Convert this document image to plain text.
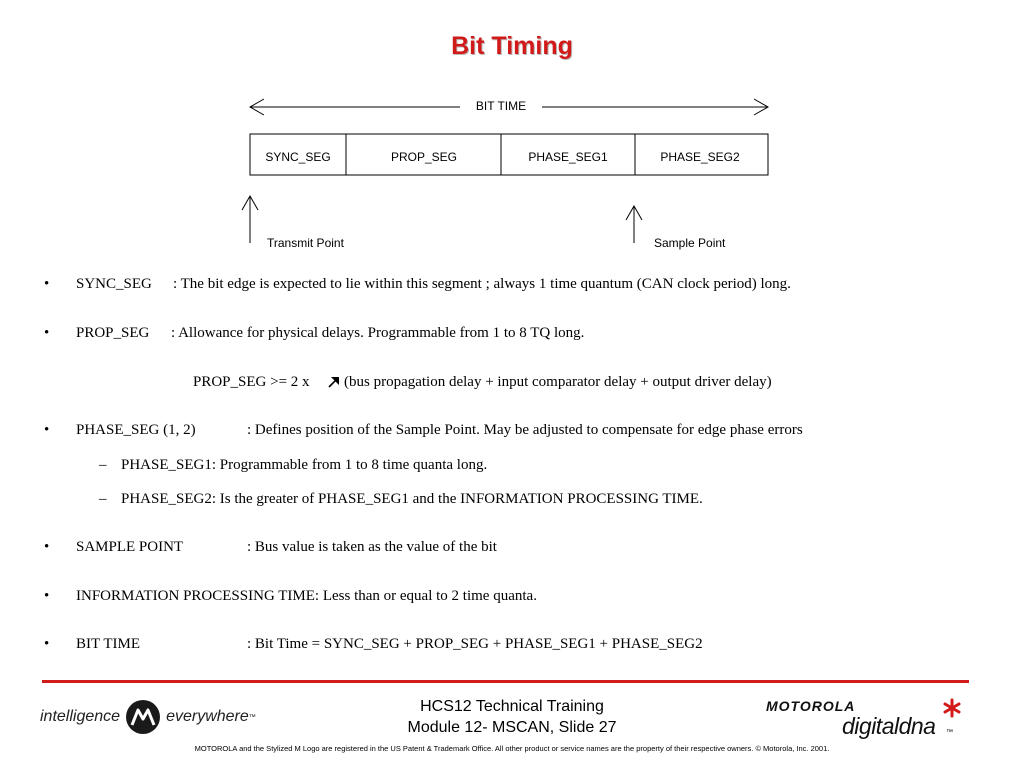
Bit Timing
BIT TIME
SYNC_SEG	PROP_SEG	PHASE_SEG1	PHASE_SEG2
Transmit Point	Sample Point
• SYNC_SEG : The bit edge is expected to lie within this segment ; always 1 time quantum (CAN clock period) long.
• PROP_SEG : Allowance for physical delays. Programmable from 1 to 8 TQ long.
PROP_SEG >= 2 x (bus propagation delay + input comparator delay + output driver delay)
• PHASE_SEG (1, 2)	: Defines position of the Sample Point. May be adjusted to compensate for edge phase errors
– PHASE_SEG1: Programmable from 1 to 8 time quanta long.
– PHASE_SEG2: Is the greater of PHASE_SEG1 and the INFORMATION PROCESSING TIME.
• SAMPLE POINT	: Bus value is taken as the value of the bit
• INFORMATION PROCESSING TIME: Less than or equal to 2 time quanta.
• BIT TIME	: Bit Time = SYNC_SEG + PROP_SEG + PHASE_SEG1 + PHASE_SEG2
intelligence	everywhere ™
HCS12 Technical Training
Module 12- MSCAN, Slide 27
MOTOROLA
digitaldna ™
MOTOROLA and the Stylized M Logo are registered in the US Patent & Trademark Office. All other product or service names are the property of their respective owners. © Motorola, Inc. 2001.
